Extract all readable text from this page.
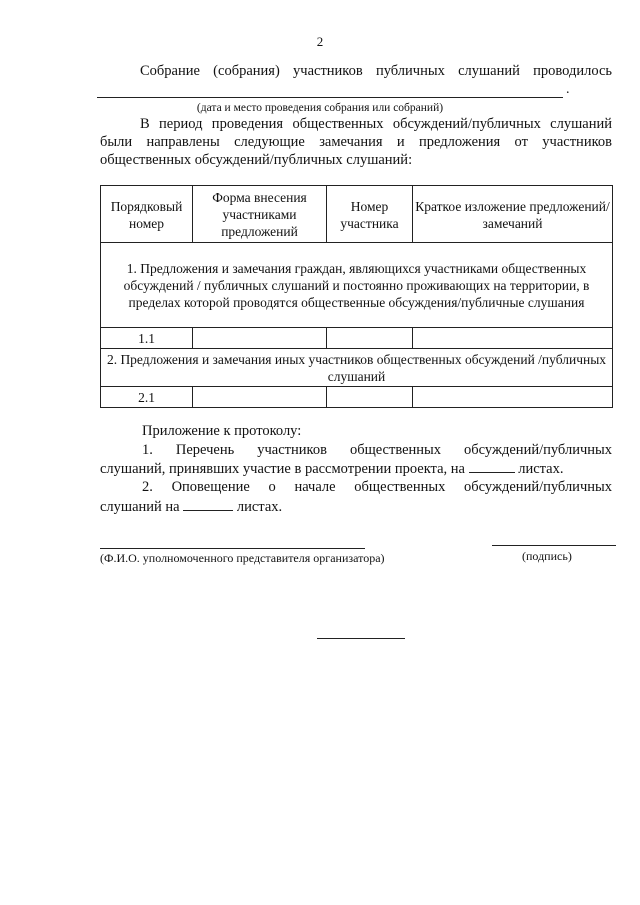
2
Собрание (собрания) участников публичных слушаний проводилось
.
(дата и место проведения собрания или собраний)
В период проведения общественных обсуждений/публичных слушаний
были направлены следующие замечания и предложения от участников
общественных обсуждений/публичных слушаний:
Порядковый номер	Форма внесения участниками предложений	Номер участника	Краткое изложение предложений/замечаний
1. Предложения и замечания граждан, являющихся участниками общественных обсуждений / публичных слушаний и постоянно проживающих на территории, в пределах которой проводятся общественные обсуждения/публичные слушания			
1.1			
2. Предложения и замечания иных участников общественных обсуждений /публичных слушаний			
2.1			
Приложение к протоколу:
1. Перечень участников общественных обсуждений/публичных
слушаний, принявших участие в рассмотрении проекта, на	листах.
2. Оповещение о начале общественных обсуждений/публичных
слушаний на	листах.
(Ф.И.О. уполномоченного представителя организатора)	(подпись)
